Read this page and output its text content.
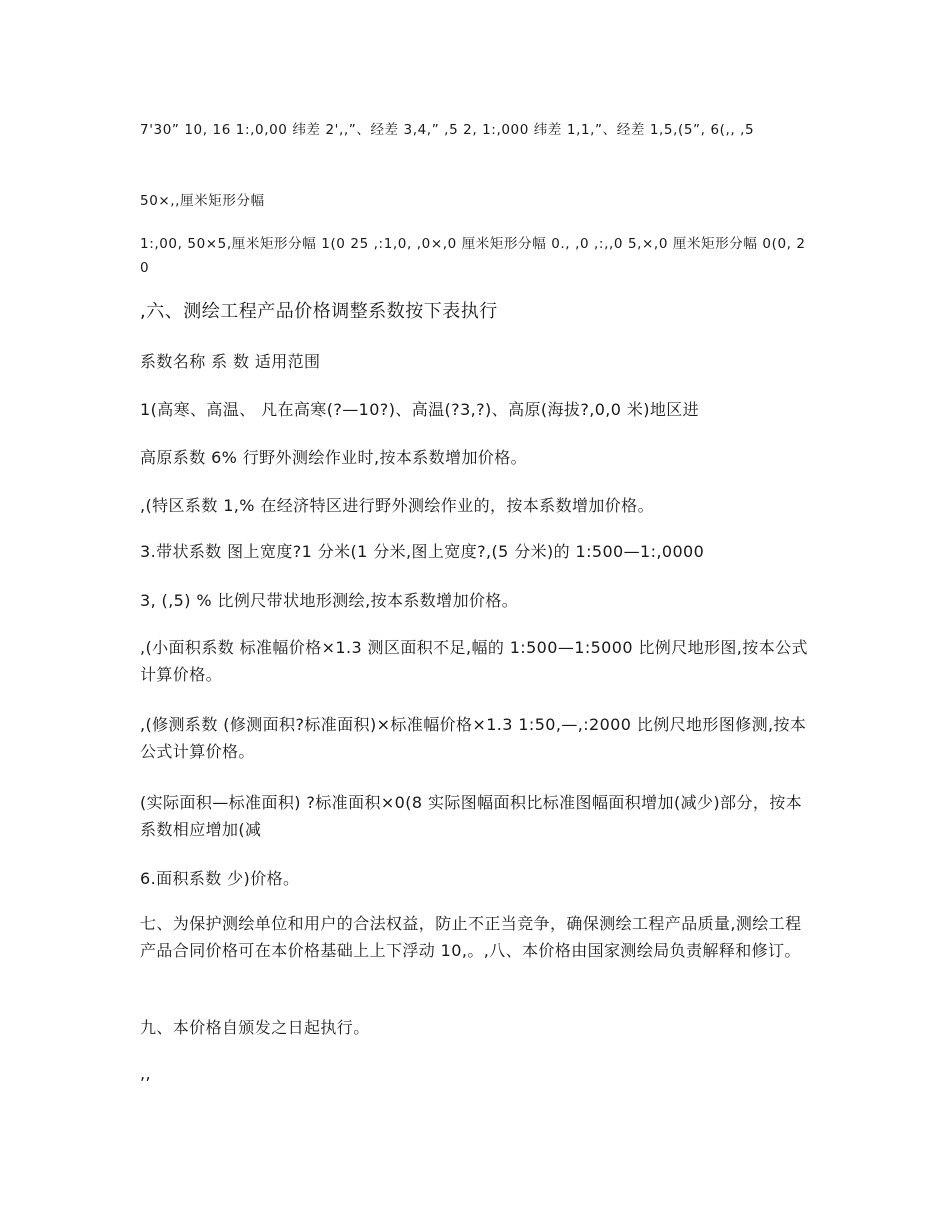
7'30” 10, 16 1:,0,00 纬差 2',,”、经差 3,4,” ,5 2, 1:,000 纬差 1,1,”、经差 1,5,(5”, 6(,, ,5
50×,,厘米矩形分幅
1:,00, 50×5,厘米矩形分幅 1(0 25 ,:1,0, ,0×,0 厘米矩形分幅 0., ,0 ,:,,0 5,×,0 厘米矩形分幅 0(0, 20
,六、测绘工程产品价格调整系数按下表执行
系数名称 系 数 适用范围
1(高寒、高温、 凡在高寒(?—10?)、高温(?3,?)、高原(海拔?,0,0 米)地区进
高原系数 6% 行野外测绘作业时,按本系数增加价格。
,(特区系数 1,% 在经济特区进行野外测绘作业的，按本系数增加价格。
3.带状系数 图上宽度?1 分米(1 分米,图上宽度?,(5 分米)的 1:500—1:,0000
3, (,5) % 比例尺带状地形测绘,按本系数增加价格。
,(小面积系数 标准幅价格×1.3 测区面积不足,幅的 1:500—1:5000 比例尺地形图,按本公式计算价格。
,(修测系数 (修测面积?标准面积)×标准幅价格×1.3 1:50,—,:2000 比例尺地形图修测,按本公式计算价格。
(实际面积—标准面积) ?标准面积×0(8 实际图幅面积比标准图幅面积增加(减少)部分，按本系数相应增加(减
6.面积系数 少)价格。
七、为保护测绘单位和用户的合法权益，防止不正当竞争，确保测绘工程产品质量,测绘工程产品合同价格可在本价格基础上上下浮动 10,。,八、本价格由国家测绘局负责解释和修订。
九、本价格自颁发之日起执行。
,,
